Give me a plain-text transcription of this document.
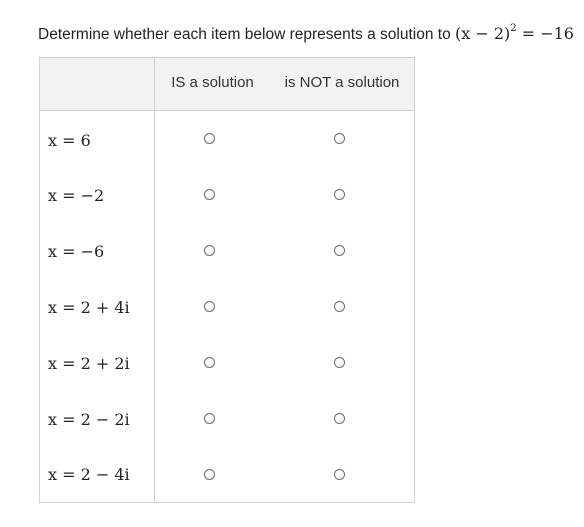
Determine whether each item below represents a solution to $(x - 2)^2 = -16$
IS a solution	is NOT a solution
x = 6
x = −2
x = −6
x = 2 + 4i
x = 2 + 2i
x = 2 − 2i
x = 2 − 4i
